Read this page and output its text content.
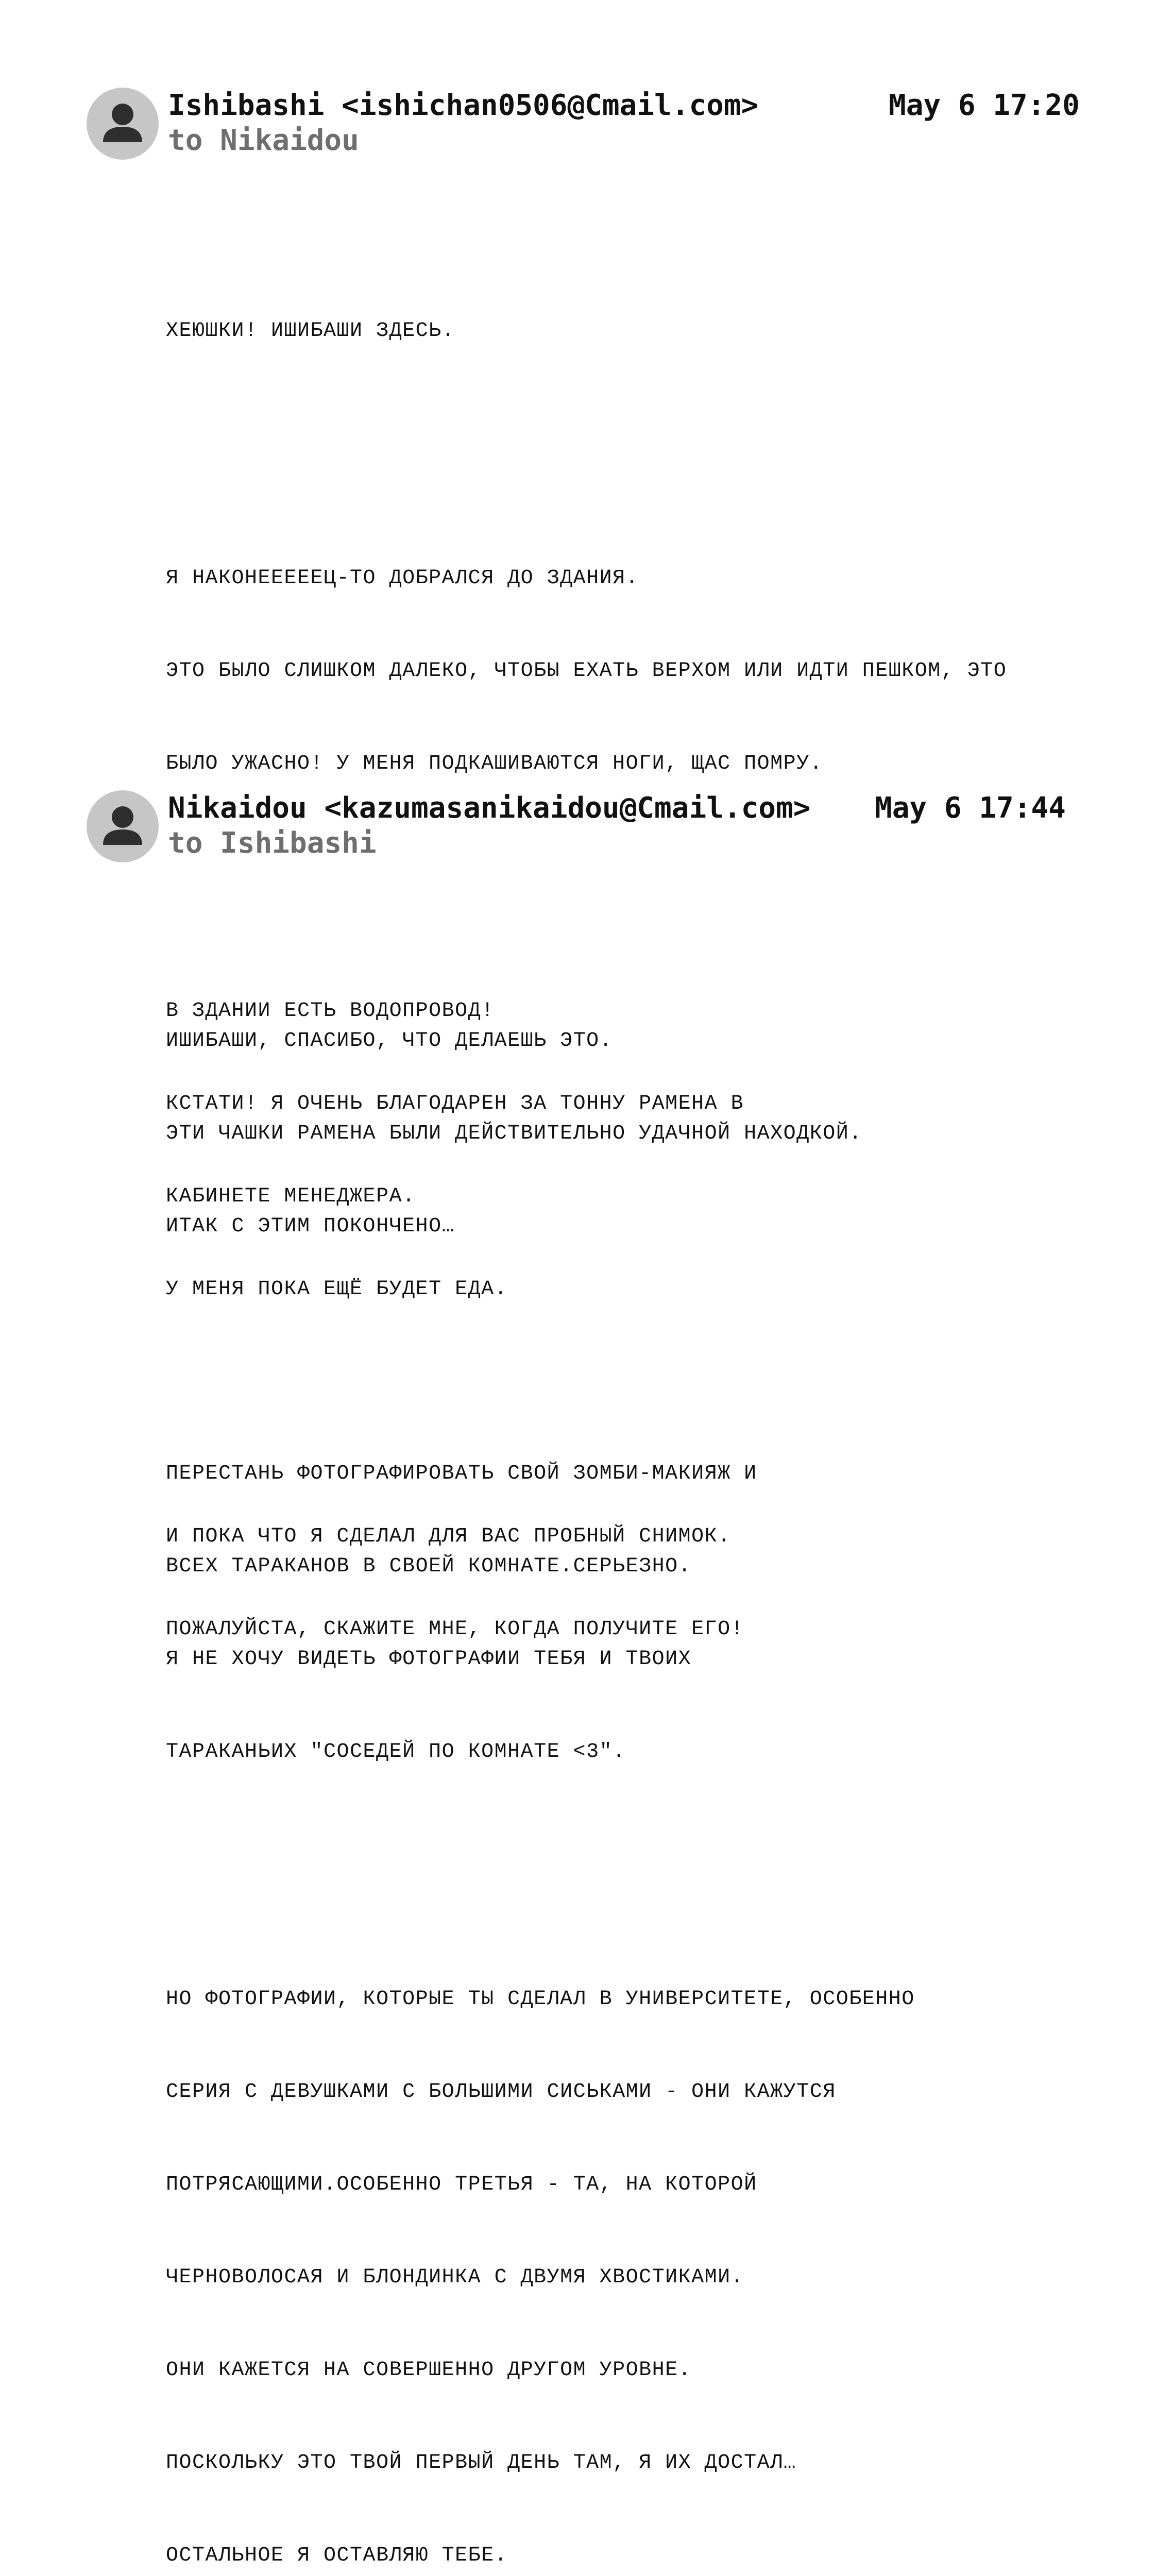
Ishibashi <ishichan0506@Cmail.com>
to Nikaidou
May 6 17:20

ХЕЮШКИ! ИШИБАШИ ЗДЕСЬ.

Я НАКОНЕЕЕЕЕЦ-ТО ДОБРАЛСЯ ДО ЗДАНИЯ.

ЭТО БЫЛО СЛИШКОМ ДАЛЕКО, ЧТОБЫ ЕХАТЬ ВЕРХОМ ИЛИ ИДТИ ПЕШКОМ, ЭТО

БЫЛО УЖАСНО! У МЕНЯ ПОДКАШИВАЮТСЯ НОГИ, ЩАС ПОМРУ.

В ЗДАНИИ ЕСТЬ ВОДОПРОВОД!

КСТАТИ! Я ОЧЕНЬ БЛАГОДАРЕН ЗА ТОННУ РАМЕНА В

КАБИНЕТЕ МЕНЕДЖЕРА.

У МЕНЯ ПОКА ЕЩЁ БУДЕТ ЕДА.

И ПОКА ЧТО Я СДЕЛАЛ ДЛЯ ВАС ПРОБНЫЙ СНИМОК.

ПОЖАЛУЙСТА, СКАЖИТЕ МНЕ, КОГДА ПОЛУЧИТЕ ЕГО!

Nikaidou <kazumasanikaidou@Cmail.com>
to Ishibashi
May 6 17:44

ИШИБАШИ, СПАСИБО, ЧТО ДЕЛАЕШЬ ЭТО.

ЭТИ ЧАШКИ РАМЕНА БЫЛИ ДЕЙСТВИТЕЛЬНО УДАЧНОЙ НАХОДКОЙ.

ИТАК С ЭТИМ ПОКОНЧЕНО…

ПЕРЕСТАНЬ ФОТОГРАФИРОВАТЬ СВОЙ ЗОМБИ-МАКИЯЖ И

ВСЕХ ТАРАКАНОВ В СВОЕЙ КОМНАТЕ.СЕРЬЕЗНО.

Я НЕ ХОЧУ ВИДЕТЬ ФОТОГРАФИИ ТЕБЯ И ТВОИХ

ТАРАКАНЬИХ "СОСЕДЕЙ ПО КОМНАТЕ <3".

НО ФОТОГРАФИИ, КОТОРЫЕ ТЫ СДЕЛАЛ В УНИВЕРСИТЕТЕ, ОСОБЕННО

СЕРИЯ С ДЕВУШКАМИ С БОЛЬШИМИ СИСЬКАМИ - ОНИ КАЖУТСЯ

ПОТРЯСАЮЩИМИ.ОСОБЕННО ТРЕТЬЯ - ТА, НА КОТОРОЙ

ЧЕРНОВОЛОСАЯ И БЛОНДИНКА С ДВУМЯ ХВОСТИКАМИ.

ОНИ КАЖЕТСЯ НА СОВЕРШЕННО ДРУГОМ УРОВНЕ.

ПОСКОЛЬКУ ЭТО ТВОЙ ПЕРВЫЙ ДЕНЬ ТАМ, Я ИХ ДОСТАЛ…

ОСТАЛЬНОЕ Я ОСТАВЛЯЮ ТЕБЕ.
